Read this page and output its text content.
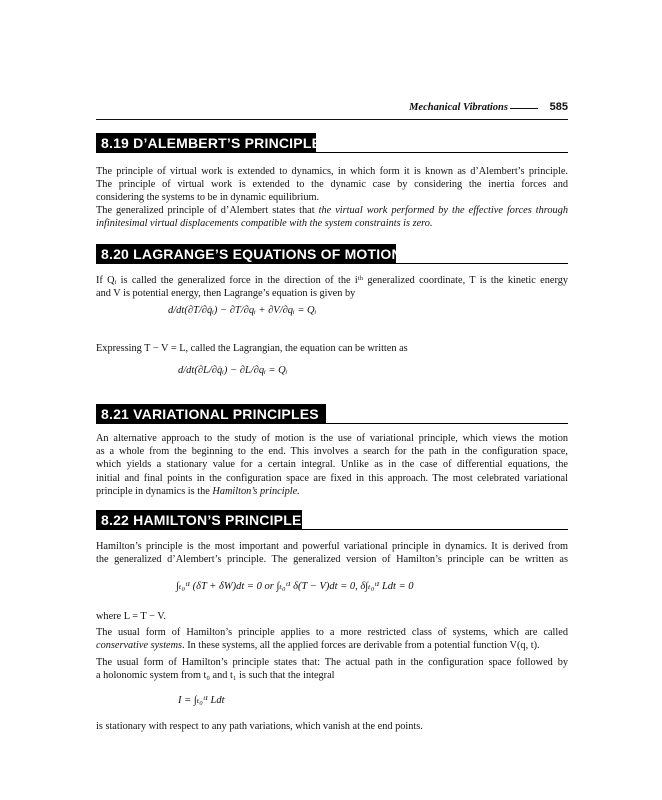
Mechanical Vibrations	585
8.19 D’ALEMBERT’S PRINCIPLE
The principle of virtual work is extended to dynamics, in which form it is known as d’Alembert’s principle.
The principle of virtual work is extended to the dynamic case by considering the inertia forces and
considering the systems to be in dynamic equilibrium.
The generalized principle of d’Alembert states that the virtual work performed by the effective forces through
infinitesimal virtual displacements compatible with the system constraints is zero.
8.20 LAGRANGE’S EQUATIONS OF MOTION
If Qᵢ is called the generalized force in the direction of the iᵗʰ generalized coordinate, T is the kinetic energy
and V is potential energy, then Lagrange’s equation is given by
d/dt(∂T/∂q̇ᵢ) − ∂T/∂qᵢ + ∂V/∂qᵢ = Qᵢ
Expressing T − V = L, called the Lagrangian, the equation can be written as
d/dt(∂L/∂q̇ᵢ) − ∂L/∂qᵢ = Qᵢ
8.21 VARIATIONAL PRINCIPLES
An alternative approach to the study of motion is the use of variational principle, which views the motion
as a whole from the beginning to the end. This involves a search for the path in the configuration space,
which yields a stationary value for a certain integral. Unlike as in the case of differential equations, the
initial and final points in the configuration space are fixed in this approach. The most celebrated variational
principle in dynamics is the Hamilton’s principle.
8.22 HAMILTON’S PRINCIPLE
Hamilton’s principle is the most important and powerful variational principle in dynamics. It is derived from
the generalized d’Alembert’s principle. The generalized version of Hamilton’s principle can be written as
∫ₜ₀ᵗ¹ (δT + δW)dt = 0 or ∫ₜ₀ᵗ¹ δ(T − V)dt = 0, δ∫ₜ₀ᵗ¹ Ldt = 0
where L = T − V.
The usual form of Hamilton’s principle applies to a more restricted class of systems, which are called
conservative systems. In these systems, all the applied forces are derivable from a potential function V(q, t).
The usual form of Hamilton’s principle states that: The actual path in the configuration space followed by
a holonomic system from t₀ and t₁ is such that the integral
I = ∫ₜ₀ᵗ¹ Ldt
is stationary with respect to any path variations, which vanish at the end points.
